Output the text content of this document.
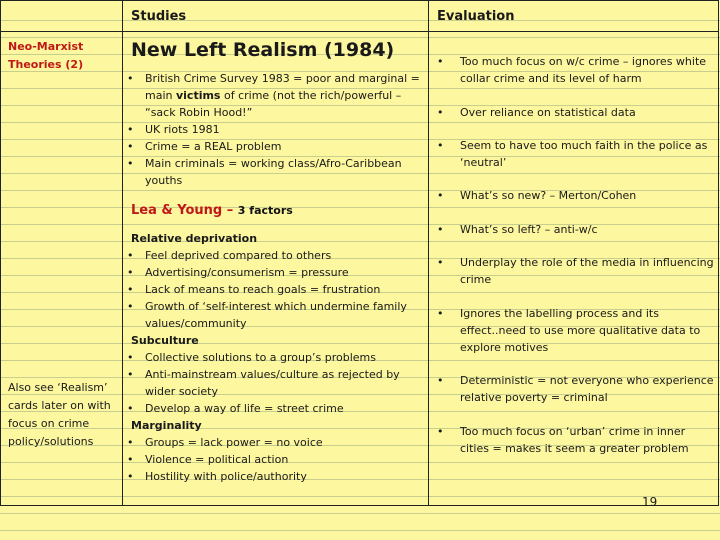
Studies	Evaluation
Neo-Marxist Theories (2)
Also see ‘Realism’ cards later on with focus on crime policy/solutions
New Left Realism (1984)
• British Crime Survey 1983 = poor and marginal = main victims of crime (not the rich/powerful – “sack Robin Hood!”
• UK riots 1981
• Crime = a REAL problem
• Main criminals = working class/Afro-Caribbean youths
Lea & Young – 3 factors
Relative deprivation
• Feel deprived compared to others
• Advertising/consumerism = pressure
• Lack of means to reach goals = frustration
• Growth of ‘self-interest which undermine family values/community
Subculture
• Collective solutions to a group’s problems
• Anti-mainstream values/culture as rejected by wider society
• Develop a way of life = street crime
Marginality
• Groups = lack power = no voice
• Violence = political action
• Hostility with police/authority
• Too much focus on w/c crime – ignores white collar crime and its level of harm
• Over reliance on statistical data
• Seem to have too much faith in the police as ‘neutral’
• What’s so new? – Merton/Cohen
• What’s so left? – anti-w/c
• Underplay the role of the media in influencing crime
• Ignores the labelling process and its effect..need to use more qualitative data to explore motives
• Deterministic = not everyone who experience relative poverty = criminal
• Too much focus on ‘urban’ crime in inner cities = makes it seem a greater problem
19
